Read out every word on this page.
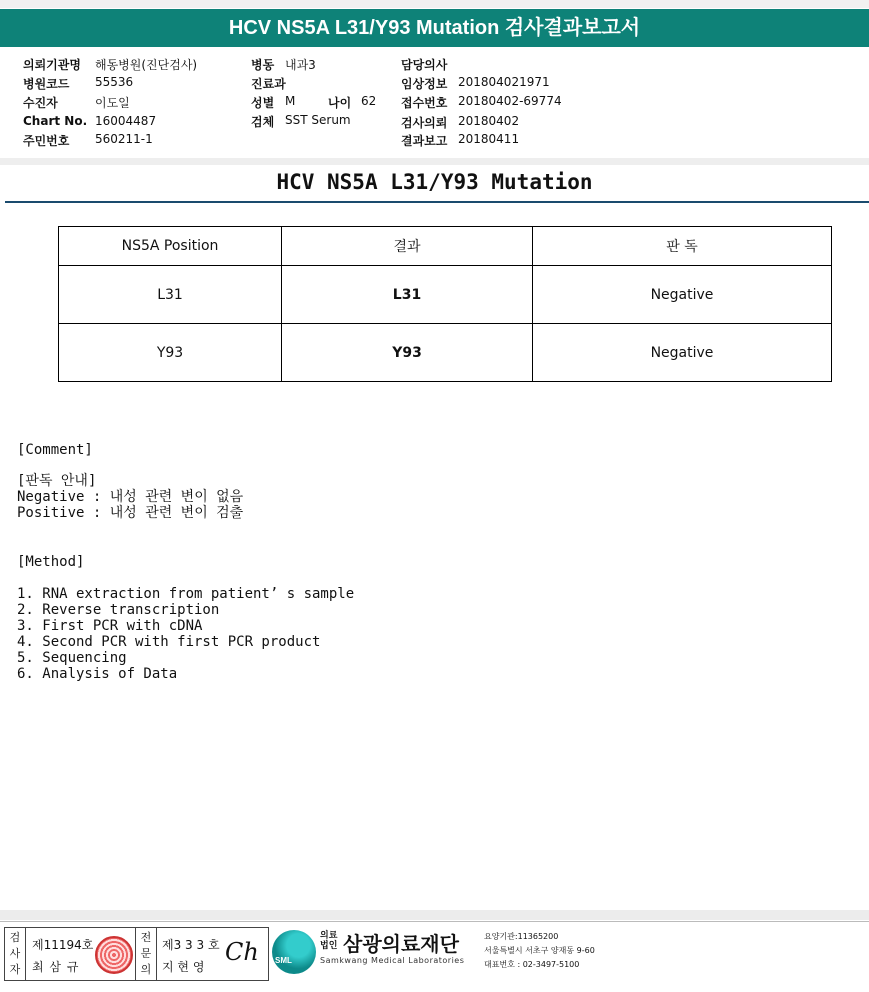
HCV NS5A L31/Y93 Mutation 검사결과보고서
의뢰기관명 해동병원(진단검사)
병원코드 55536
수진자	이도일
Chart No. 16004487
주민번호 560211-1
병동 내과3
진료과
성별 M	나이 62
검체 SST Serum
담당의사
임상정보 201804021971
접수번호 20180402-69774
검사의뢰 20180402
결과보고 20180411
HCV NS5A L31/Y93 Mutation
NS5A Position	결과	판 독
L31	L31	Negative
Y93	Y93	Negative
[Comment]
[판독 안내]
Negative : 내성 관련 변이 없음
Positive : 내성 관련 변이 검출
[Method]
1. RNA extraction from patient’ s sample
2. Reverse transcription
3. First PCR with cDNA
4. Second PCR with first PCR product
5. Sequencing
6. Analysis of Data
검
사
자
제11194호
최 삼 규
전
문
의
제3 3 3 호
지 현 영
Ch SML
의료
법인 삼광의료재단
Samkwang Medical Laboratories
요양기관:11365200
서울특별시 서초구 양재동 9-60
대표번호 : 02-3497-5100
